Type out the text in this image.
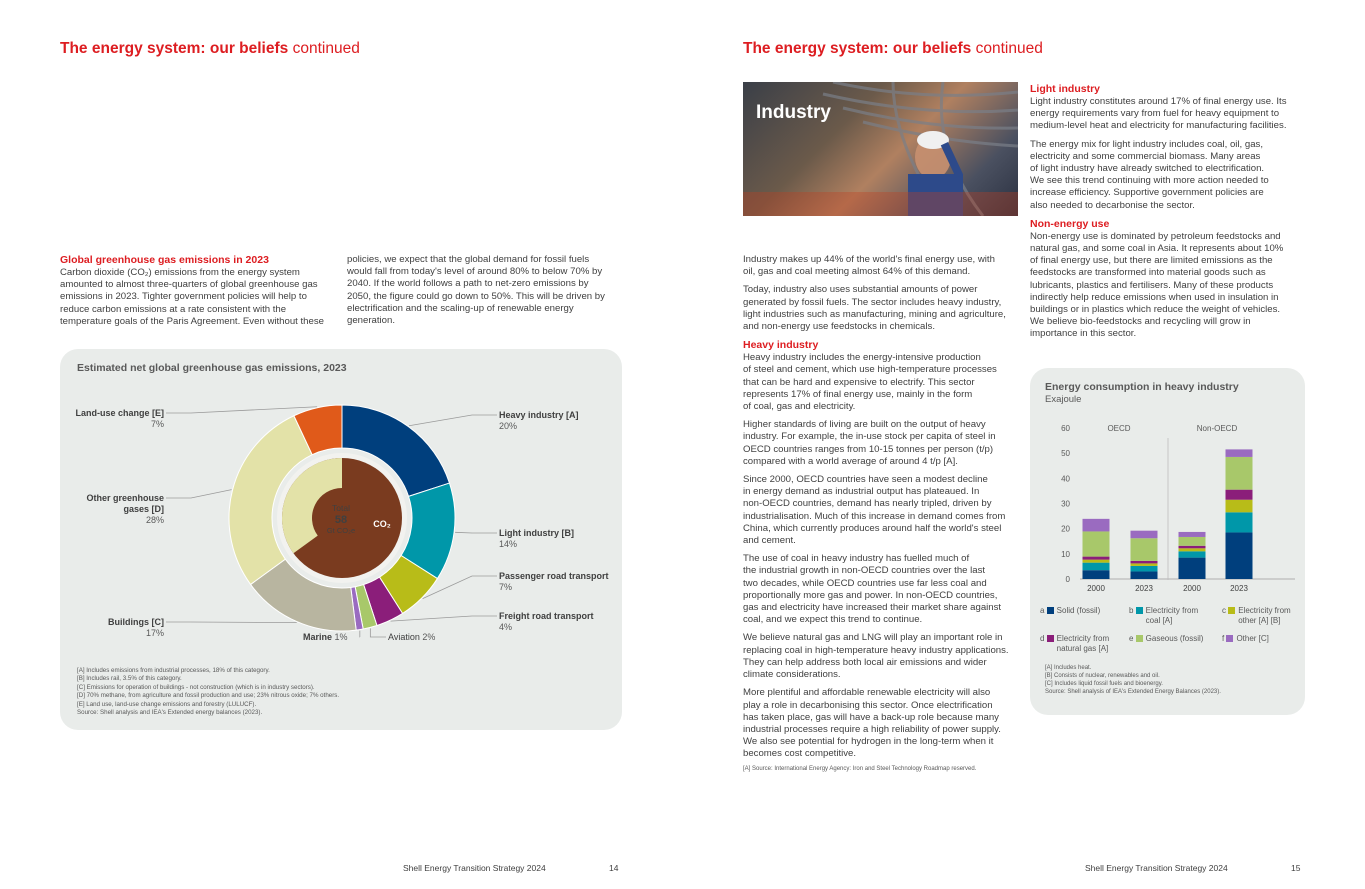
The energy system: our beliefs continued
Global greenhouse gas emissions in 2023
Carbon dioxide (CO₂) emissions from the energy system
amounted to almost three-quarters of global greenhouse gas
emissions in 2023. Tighter government policies will help to
reduce carbon emissions at a rate consistent with the
temperature goals of the Paris Agreement. Even without these
policies, we expect that the global demand for fossil fuels
would fall from today's level of around 80% to below 70% by
2040. If the world follows a path to net-zero emissions by
2050, the figure could go down to 50%. This will be driven by
electrification and the scaling-up of renewable energy
generation.
Estimated net global greenhouse gas emissions, 2023
Total
58
Gt CO₂e
CO₂
Heavy industry [A]
20%
Light industry [B]
14%
Passenger road transport
7%
Freight road transport
4%
Aviation 2%
Marine 1%
Buildings [C]
17%
Other greenhouse gases [D]
28%
Land-use change [E]
7%
[A] Includes emissions from industrial processes, 18% of this category.
[B] Includes rail, 3.5% of this category.
[C] Emissions for operation of buildings - not construction (which is in industry sectors).
[D] 70% methane, from agriculture and fossil production and use; 23% nitrous oxide; 7% others.
[E] Land use, land-use change emissions and forestry (LULUCF).
Source: Shell analysis and IEA's Extended energy balances (2023).
Shell Energy Transition Strategy 2024	14
The energy system: our beliefs continued
Industry

Industry makes up 44% of the world's final energy use, with
oil, gas and coal meeting almost 64% of this demand.

Today, industry also uses substantial amounts of power
generated by fossil fuels. The sector includes heavy industry,
light industries such as manufacturing, mining and agriculture,
and non-energy use feedstocks in chemicals.

Heavy industry

Heavy industry includes the energy-intensive production
of steel and cement, which use high-temperature processes
that can be hard and expensive to electrify. This sector
represents 17% of final energy use, mainly in the form
of coal, gas and electricity.

Higher standards of living are built on the output of heavy
industry. For example, the in-use stock per capita of steel in
OECD countries ranges from 10-15 tonnes per person (t/p)
compared with a world average of around 4 t/p [A].

Since 2000, OECD countries have seen a modest decline
in energy demand as industrial output has plateaued. In
non-OECD countries, demand has nearly tripled, driven by
industrialisation. Much of this increase in demand comes from
China, which currently produces around half the world's steel
and cement.

The use of coal in heavy industry has fuelled much of
the industrial growth in non-OECD countries over the last
two decades, while OECD countries use far less coal and
proportionally more gas and power. In non-OECD countries,
gas and electricity have increased their market share against
coal, and we expect this trend to continue.

We believe natural gas and LNG will play an important role in
replacing coal in high-temperature heavy industry applications.
They can help address both local air emissions and wider
climate considerations.

More plentiful and affordable renewable electricity will also
play a role in decarbonising this sector. Once electrification
has taken place, gas will have a back-up role because many
industrial processes require a high reliability of power supply.
We also see potential for hydrogen in the long-term when it
becomes cost competitive.

[A] Source: International Energy Agency: Iron and Steel Technology Roadmap reserved.
Light industry

Light industry constitutes around 17% of final energy use. Its
energy requirements vary from fuel for heavy equipment to
medium-level heat and electricity for manufacturing facilities.

The energy mix for light industry includes coal, oil, gas,
electricity and some commercial biomass. Many areas
of light industry have already switched to electrification.
We see this trend continuing with more action needed to
increase efficiency. Supportive government policies are
also needed to decarbonise the sector.

Non-energy use

Non-energy use is dominated by petroleum feedstocks and
natural gas, and some coal in Asia. It represents about 10%
of final energy use, but there are limited emissions as the
feedstocks are transformed into material goods such as
lubricants, plastics and fertilisers. Many of these products
indirectly help reduce emissions when used in insulation in
buildings or in plastics which reduce the weight of vehicles.
We believe bio-feedstocks and recycling will grow in
importance in this sector.

Energy consumption in heavy industry
Exajoule
0
10
20
30
40
50
60
2000	2023	2000	2023
OECD	Non-OECD
a Solid (fossil)	b Electricity from coal [A]
c Electricity from other [A] [B]
d Electricity from natural gas [A]
e Gaseous (fossil)	f Other [C]
[A] Includes heat.
[B] Consists of nuclear, renewables and oil.
[C] Includes liquid fossil fuels and bioenergy.
Source: Shell analysis of IEA's Extended Energy Balances (2023).
Shell Energy Transition Strategy 2024	15
